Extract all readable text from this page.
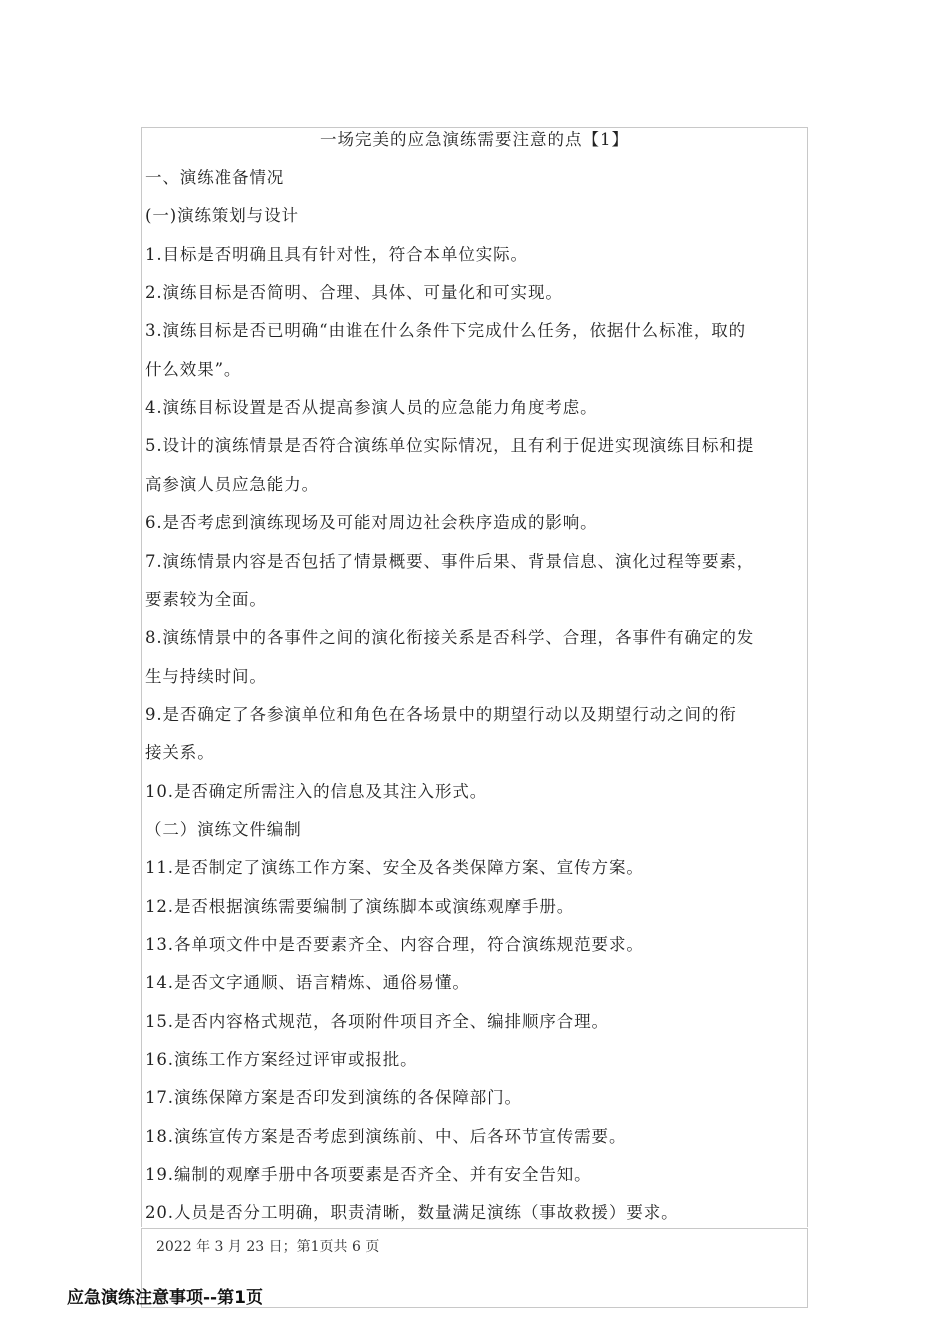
一场完美的应急演练需要注意的点【1】
一、演练准备情况
(一)演练策划与设计
1.目标是否明确且具有针对性，符合本单位实际。
2.演练目标是否简明、合理、具体、可量化和可实现。
3.演练目标是否已明确“由谁在什么条件下完成什么任务，依据什么标准，取的
什么效果”。
4.演练目标设置是否从提高参演人员的应急能力角度考虑。
5.设计的演练情景是否符合演练单位实际情况，且有利于促进实现演练目标和提
高参演人员应急能力。
6.是否考虑到演练现场及可能对周边社会秩序造成的影响。
7.演练情景内容是否包括了情景概要、事件后果、背景信息、演化过程等要素，
要素较为全面。
8.演练情景中的各事件之间的演化衔接关系是否科学、合理，各事件有确定的发
生与持续时间。
9.是否确定了各参演单位和角色在各场景中的期望行动以及期望行动之间的衔
接关系。
10.是否确定所需注入的信息及其注入形式。
（二）演练文件编制
11.是否制定了演练工作方案、安全及各类保障方案、宣传方案。
12.是否根据演练需要编制了演练脚本或演练观摩手册。
13.各单项文件中是否要素齐全、内容合理，符合演练规范要求。
14.是否文字通顺、语言精炼、通俗易懂。
15.是否内容格式规范，各项附件项目齐全、编排顺序合理。
16.演练工作方案经过评审或报批。
17.演练保障方案是否印发到演练的各保障部门。
18.演练宣传方案是否考虑到演练前、中、后各环节宣传需要。
19.编制的观摩手册中各项要素是否齐全、并有安全告知。
20.人员是否分工明确，职责清晰，数量满足演练（事故救援）要求。
2022 年 3 月 23 日；第1页共 6 页
应急演练注意事项--第1页
